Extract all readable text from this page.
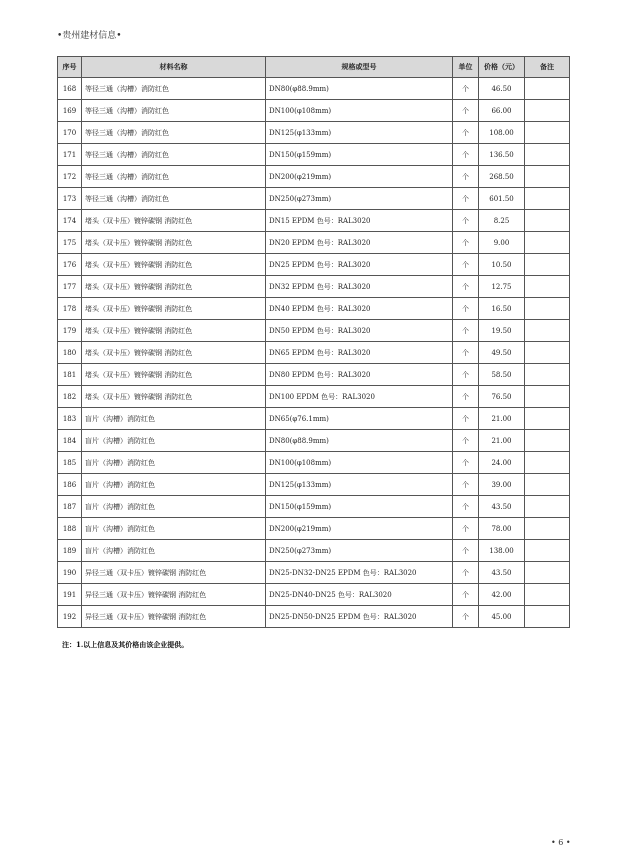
•贵州建材信息•
序号	材料名称	规格或型号	单位	价格（元）	备注
168	等径三通（沟槽）消防红色	DN80(φ88.9mm)	个	46.50	
169	等径三通（沟槽）消防红色	DN100(φ108mm)	个	66.00	
170	等径三通（沟槽）消防红色	DN125(φ133mm)	个	108.00	
171	等径三通（沟槽）消防红色	DN150(φ159mm)	个	136.50	
172	等径三通（沟槽）消防红色	DN200(φ219mm)	个	268.50	
173	等径三通（沟槽）消防红色	DN250(φ273mm)	个	601.50	
174	堵头（双卡压）镀锌碳钢 消防红色	DN15 EPDM 色号：RAL3020	个	8.25	
175	堵头（双卡压）镀锌碳钢 消防红色	DN20 EPDM 色号：RAL3020	个	9.00	
176	堵头（双卡压）镀锌碳钢 消防红色	DN25 EPDM 色号：RAL3020	个	10.50	
177	堵头（双卡压）镀锌碳钢 消防红色	DN32 EPDM 色号：RAL3020	个	12.75	
178	堵头（双卡压）镀锌碳钢 消防红色	DN40 EPDM 色号：RAL3020	个	16.50	
179	堵头（双卡压）镀锌碳钢 消防红色	DN50 EPDM 色号：RAL3020	个	19.50	
180	堵头（双卡压）镀锌碳钢 消防红色	DN65 EPDM 色号：RAL3020	个	49.50	
181	堵头（双卡压）镀锌碳钢 消防红色	DN80 EPDM 色号：RAL3020	个	58.50	
182	堵头（双卡压）镀锌碳钢 消防红色	DN100 EPDM 色号：RAL3020	个	76.50	
183	盲片（沟槽）消防红色	DN65(φ76.1mm)	个	21.00	
184	盲片（沟槽）消防红色	DN80(φ88.9mm)	个	21.00	
185	盲片（沟槽）消防红色	DN100(φ108mm)	个	24.00	
186	盲片（沟槽）消防红色	DN125(φ133mm)	个	39.00	
187	盲片（沟槽）消防红色	DN150(φ159mm)	个	43.50	
188	盲片（沟槽）消防红色	DN200(φ219mm)	个	78.00	
189	盲片（沟槽）消防红色	DN250(φ273mm)	个	138.00	
190	异径三通（双卡压）镀锌碳钢 消防红色	DN25-DN32-DN25 EPDM 色号：RAL3020	个	43.50	
191	异径三通（双卡压）镀锌碳钢 消防红色	DN25-DN40-DN25 色号：RAL3020	个	42.00	
192	异径三通（双卡压）镀锌碳钢 消防红色	DN25-DN50-DN25 EPDM 色号：RAL3020	个	45.00	
注：1.以上信息及其价格由该企业提供。
• 6 •
